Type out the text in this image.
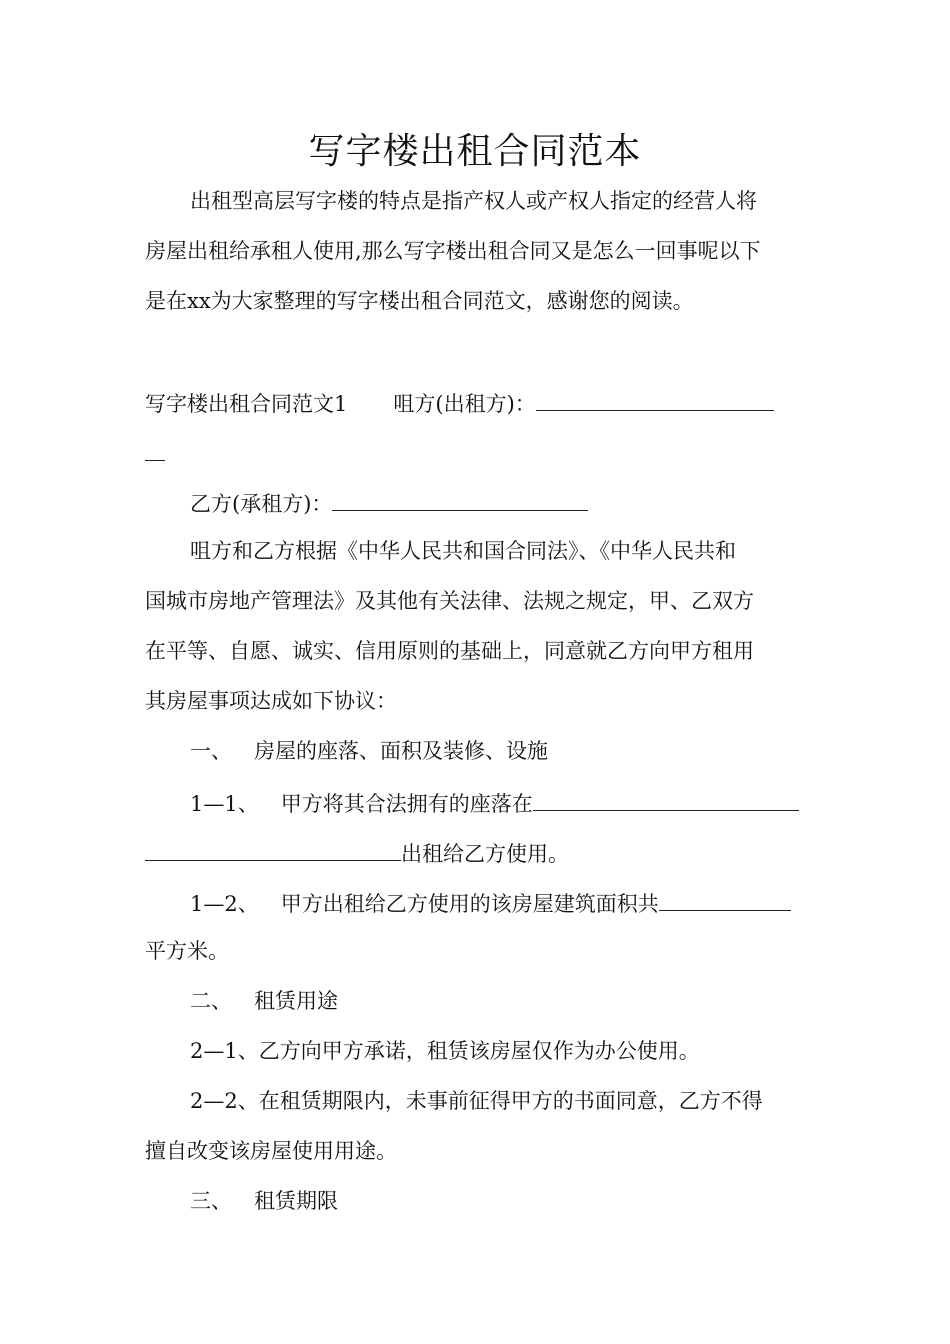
写字楼出租合同范本
出租型高层写字楼的特点是指产权人或产权人指定的经营人将
房屋出租给承租人使用,那么写字楼出租合同又是怎么一回事呢以下
是在xx为大家整理的写字楼出租合同范文，感谢您的阅读。
写字楼出租合同范文1 咀方(出租方)：
乙方(承租方)：
咀方和乙方根据《中华人民共和国合同法》、《中华人民共和
国城市房地产管理法》及其他有关法律、法规之规定，甲、乙双方
在平等、自愿、诚实、信用原则的基础上，同意就乙方向甲方租用
其房屋事项达成如下协议：
一、 房屋的座落、面积及装修、设施
1—1、 甲方将其合法拥有的座落在
出租给乙方使用。
1—2、 甲方出租给乙方使用的该房屋建筑面积共
平方米。
二、 租赁用途
2—1、乙方向甲方承诺，租赁该房屋仅作为办公使用。
2—2、在租赁期限内，未事前征得甲方的书面同意，乙方不得
擅自改变该房屋使用用途。
三、 租赁期限
